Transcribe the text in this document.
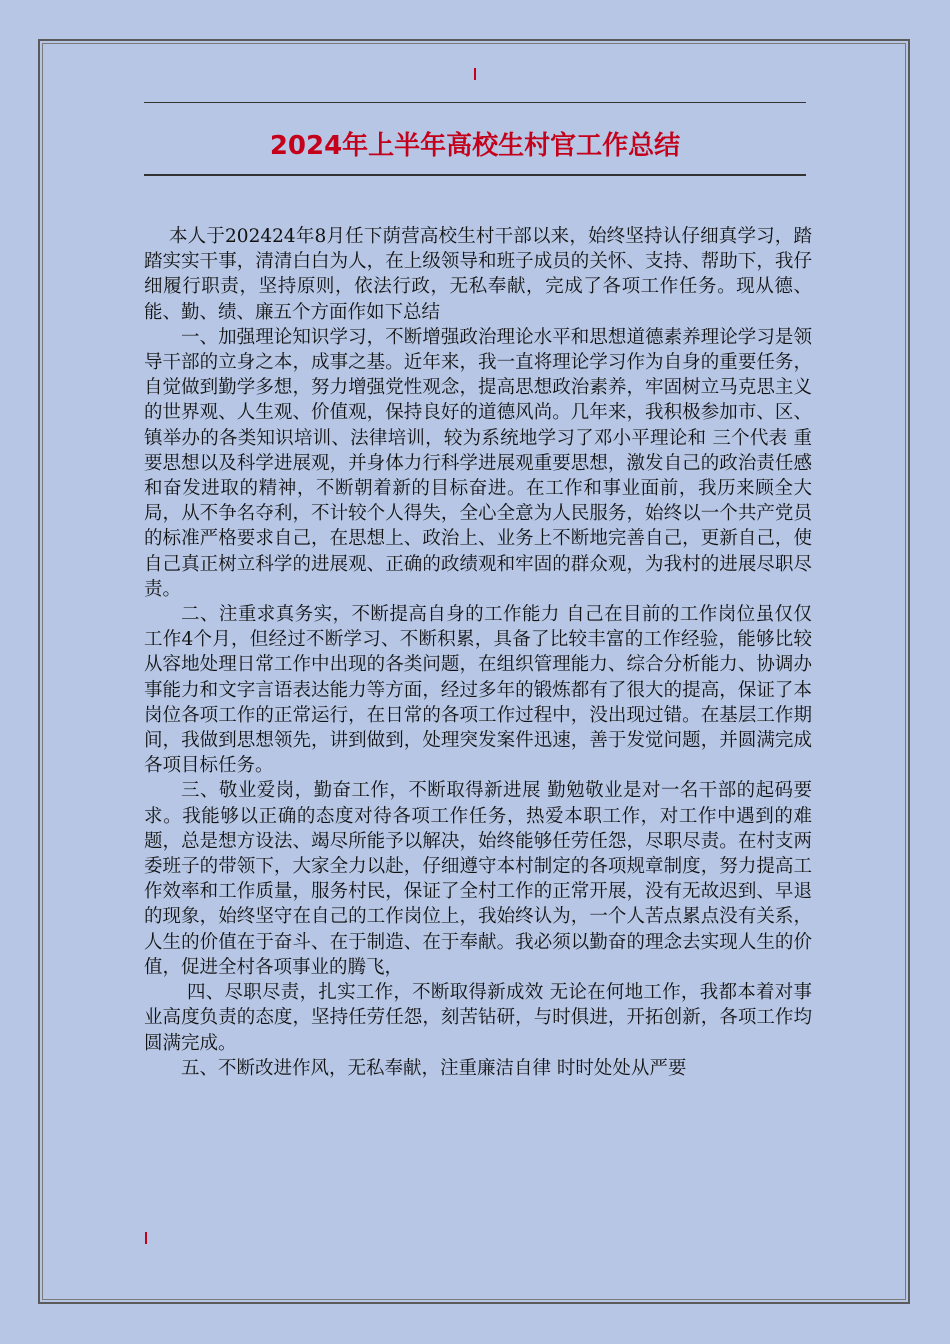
2024年上半年高校生村官工作总结

本人于202424年8月任下荫营高校生村干部以来，始终坚持认仔细真学习，踏踏实实干事，清清白白为人，在上级领导和班子成员的关怀、支持、帮助下，我仔细履行职责，坚持原则，依法行政，无私奉献，完成了各项工作任务。现从德、能、勤、绩、廉五个方面作如下总结

一、加强理论知识学习，不断增强政治理论水平和思想道德素养理论学习是领导干部的立身之本，成事之基。近年来，我一直将理论学习作为自身的重要任务，自觉做到勤学多想，努力增强党性观念，提高思想政治素养，牢固树立马克思主义的世界观、人生观、价值观，保持良好的道德风尚。几年来，我积极参加市、区、镇举办的各类知识培训、法律培训，较为系统地学习了邓小平理论和 三个代表 重要思想以及科学进展观，并身体力行科学进展观重要思想，激发自己的政治责任感和奋发进取的精神，不断朝着新的目标奋进。在工作和事业面前，我历来顾全大局，从不争名夺利，不计较个人得失，全心全意为人民服务，始终以一个共产党员的标准严格要求自己，在思想上、政治上、业务上不断地完善自己，更新自己，使自己真正树立科学的进展观、正确的政绩观和牢固的群众观，为我村的进展尽职尽责。

二、注重求真务实，不断提高自身的工作能力 自己在目前的工作岗位虽仅仅工作4个月，但经过不断学习、不断积累，具备了比较丰富的工作经验，能够比较从容地处理日常工作中出现的各类问题，在组织管理能力、综合分析能力、协调办事能力和文字言语表达能力等方面，经过多年的锻炼都有了很大的提高，保证了本岗位各项工作的正常运行，在日常的各项工作过程中，没出现过错。在基层工作期间，我做到思想领先，讲到做到，处理突发案件迅速，善于发觉问题，并圆满完成各项目标任务。

三、敬业爱岗，勤奋工作，不断取得新进展 勤勉敬业是对一名干部的起码要求。我能够以正确的态度对待各项工作任务，热爱本职工作，对工作中遇到的难题，总是想方设法、竭尽所能予以解决，始终能够任劳任怨，尽职尽责。在村支两委班子的带领下，大家全力以赴，仔细遵守本村制定的各项规章制度，努力提高工作效率和工作质量，服务村民，保证了全村工作的正常开展，没有无故迟到、早退的现象，始终坚守在自己的工作岗位上，我始终认为，一个人苦点累点没有关系，人生的价值在于奋斗、在于制造、在于奉献。我必须以勤奋的理念去实现人生的价值，促进全村各项事业的腾飞，

四、尽职尽责，扎实工作，不断取得新成效 无论在何地工作，我都本着对事业高度负责的态度，坚持任劳任怨，刻苦钻研，与时俱进，开拓创新，各项工作均圆满完成。

五、不断改进作风，无私奉献，注重廉洁自律 时时处处从严要
